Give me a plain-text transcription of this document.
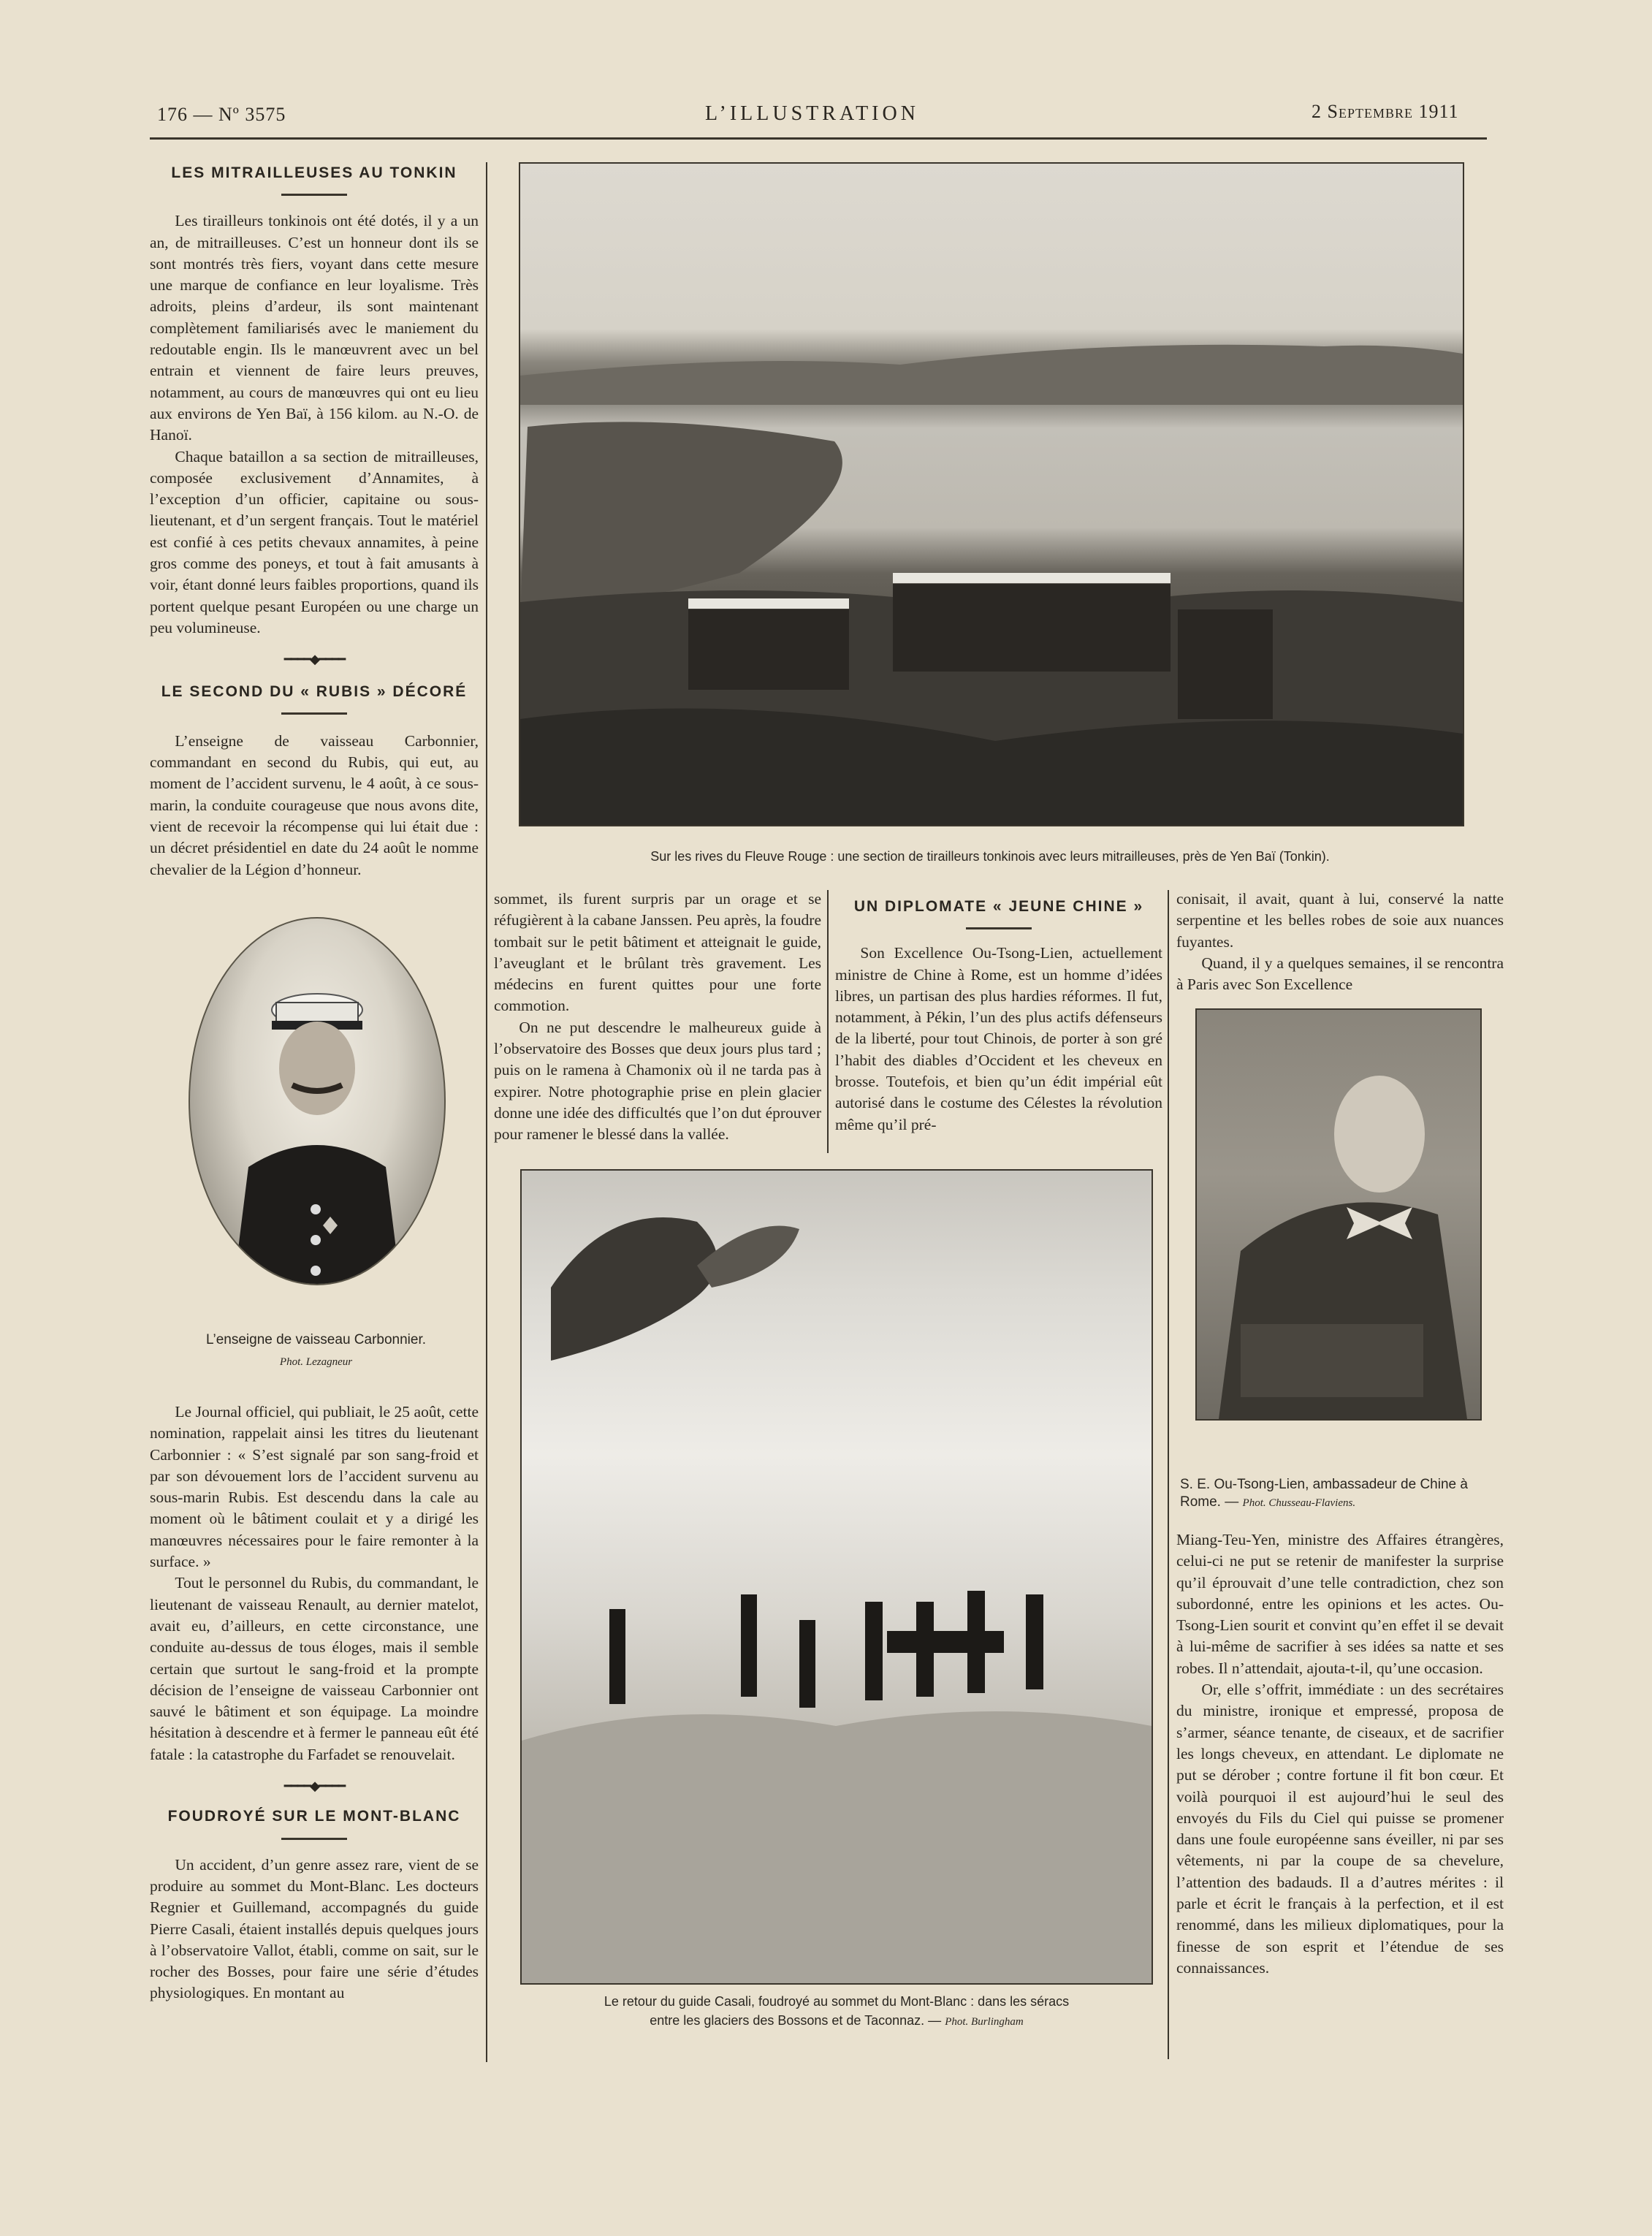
176 — Nº 3575	L’ILLUSTRATION	2 Septembre 1911
LES MITRAILLEUSES AU TONKIN

Les tirailleurs tonkinois ont été dotés, il y a un an, de mitrailleuses. C’est un honneur dont ils se sont montrés très fiers, voyant dans cette mesure une marque de confiance en leur loyalisme. Très adroits, pleins d’ardeur, ils sont maintenant complètement familiarisés avec le maniement du redoutable engin. Ils le manœuvrent avec un bel entrain et viennent de faire leurs preuves, notamment, au cours de manœuvres qui ont eu lieu aux environs de Yen Baï, à 156 kilom. au N.-O. de Hanoï.

Chaque bataillon a sa section de mitrailleuses, composée exclusivement d’Annamites, à l’exception d’un officier, capitaine ou sous-lieutenant, et d’un sergent français. Tout le matériel est confié à ces petits chevaux annamites, à peine gros comme des poneys, et tout à fait amusants à voir, étant donné leurs faibles proportions, quand ils portent quelque pesant Européen ou une charge un peu volumineuse.

━━━━◆━━━━
LE SECOND DU « RUBIS » DÉCORÉ

L’enseigne de vaisseau Carbonnier, commandant en second du Rubis, qui eut, au moment de l’accident survenu, le 4 août, à ce sous-marin, la conduite courageuse que nous avons dite, vient de recevoir la récompense qui lui était due : un décret présidentiel en date du 24 août le nomme chevalier de la Légion d’honneur.

L’enseigne de vaisseau Carbonnier.
Phot. Lezagneur

Le Journal officiel, qui publiait, le 25 août, cette nomination, rappelait ainsi les titres du lieutenant Carbonnier : « S’est signalé par son sang-froid et par son dévouement lors de l’accident survenu au sous-marin Rubis. Est descendu dans la cale au moment où le bâtiment coulait et y a dirigé les manœuvres nécessaires pour le faire remonter à la surface. »

Tout le personnel du Rubis, du commandant, le lieutenant de vaisseau Renault, au dernier matelot, avait eu, d’ailleurs, en cette circonstance, une conduite au-dessus de tous éloges, mais il semble certain que surtout le sang-froid et la prompte décision de l’enseigne de vaisseau Carbonnier ont sauvé le bâtiment et son équipage. La moindre hésitation à descendre et à fermer le panneau eût été fatale : la catastrophe du Farfadet se renouvelait.

━━━━◆━━━━
FOUDROYÉ SUR LE MONT-BLANC

Un accident, d’un genre assez rare, vient de se produire au sommet du Mont-Blanc. Les docteurs Regnier et Guillemand, accompagnés du guide Pierre Casali, étaient installés depuis quelques jours à l’observatoire Vallot, établi, comme on sait, sur le rocher des Bosses, pour faire une série d’études physiologiques. En montant au

Sur les rives du Fleuve Rouge : une section de tirailleurs tonkinois avec leurs mitrailleuses, près de Yen Baï (Tonkin).

sommet, ils furent surpris par un orage et se réfugièrent à la cabane Janssen. Peu après, la foudre tombait sur le petit bâtiment et atteignait le guide, l’aveuglant et le brûlant très gravement. Les médecins en furent quittes pour une forte commotion.

On ne put descendre le malheureux guide à l’observatoire des Bosses que deux jours plus tard ; puis on le ramena à Chamonix où il ne tarda pas à expirer. Notre photographie prise en plein glacier donne une idée des difficultés que l’on dut éprouver pour ramener le blessé dans la vallée.

UN DIPLOMATE « JEUNE CHINE »

Son Excellence Ou-Tsong-Lien, actuellement ministre de Chine à Rome, est un homme d’idées libres, un partisan des plus hardies réformes. Il fut, notamment, à Pékin, l’un des plus actifs défenseurs de la liberté, pour tout Chinois, de porter à son gré l’habit des diables d’Occident et les cheveux en brosse. Toutefois, et bien qu’un édit impérial eût autorisé dans le costume des Célestes la révolution même qu’il pré-

conisait, il avait, quant à lui, conservé la natte serpentine et les belles robes de soie aux nuances fuyantes.

Quand, il y a quelques semaines, il se rencontra à Paris avec Son Excellence

S. E. Ou-Tsong-Lien, ambassadeur de Chine à Rome. — Phot. Chusseau-Flaviens.

Miang-Teu-Yen, ministre des Affaires étrangères, celui-ci ne put se retenir de manifester la surprise qu’il éprouvait d’une telle contradiction, chez son subordonné, entre les opinions et les actes. Ou-Tsong-Lien sourit et convint qu’en effet il se devait à lui-même de sacrifier à ses idées sa natte et ses robes. Il n’attendait, ajouta-t-il, qu’une occasion.

Or, elle s’offrit, immédiate : un des secrétaires du ministre, ironique et empressé, proposa de s’armer, séance tenante, de ciseaux, et de sacrifier les longs cheveux, en attendant. Le diplomate ne put se dérober ; contre fortune il fit bon cœur. Et voilà pourquoi il est aujourd’hui le seul des envoyés du Fils du Ciel qui puisse se promener dans une foule européenne sans éveiller, ni par ses vêtements, ni par la coupe de sa chevelure, l’attention des badauds. Il a d’autres mérites : il parle et écrit le français à la perfection, et il est renommé, dans les milieux diplomatiques, pour la finesse de son esprit et l’étendue de ses connaissances.

Le retour du guide Casali, foudroyé au sommet du Mont-Blanc : dans les séracs
entre les glaciers des Bossons et de Taconnaz. — Phot. Burlingham
